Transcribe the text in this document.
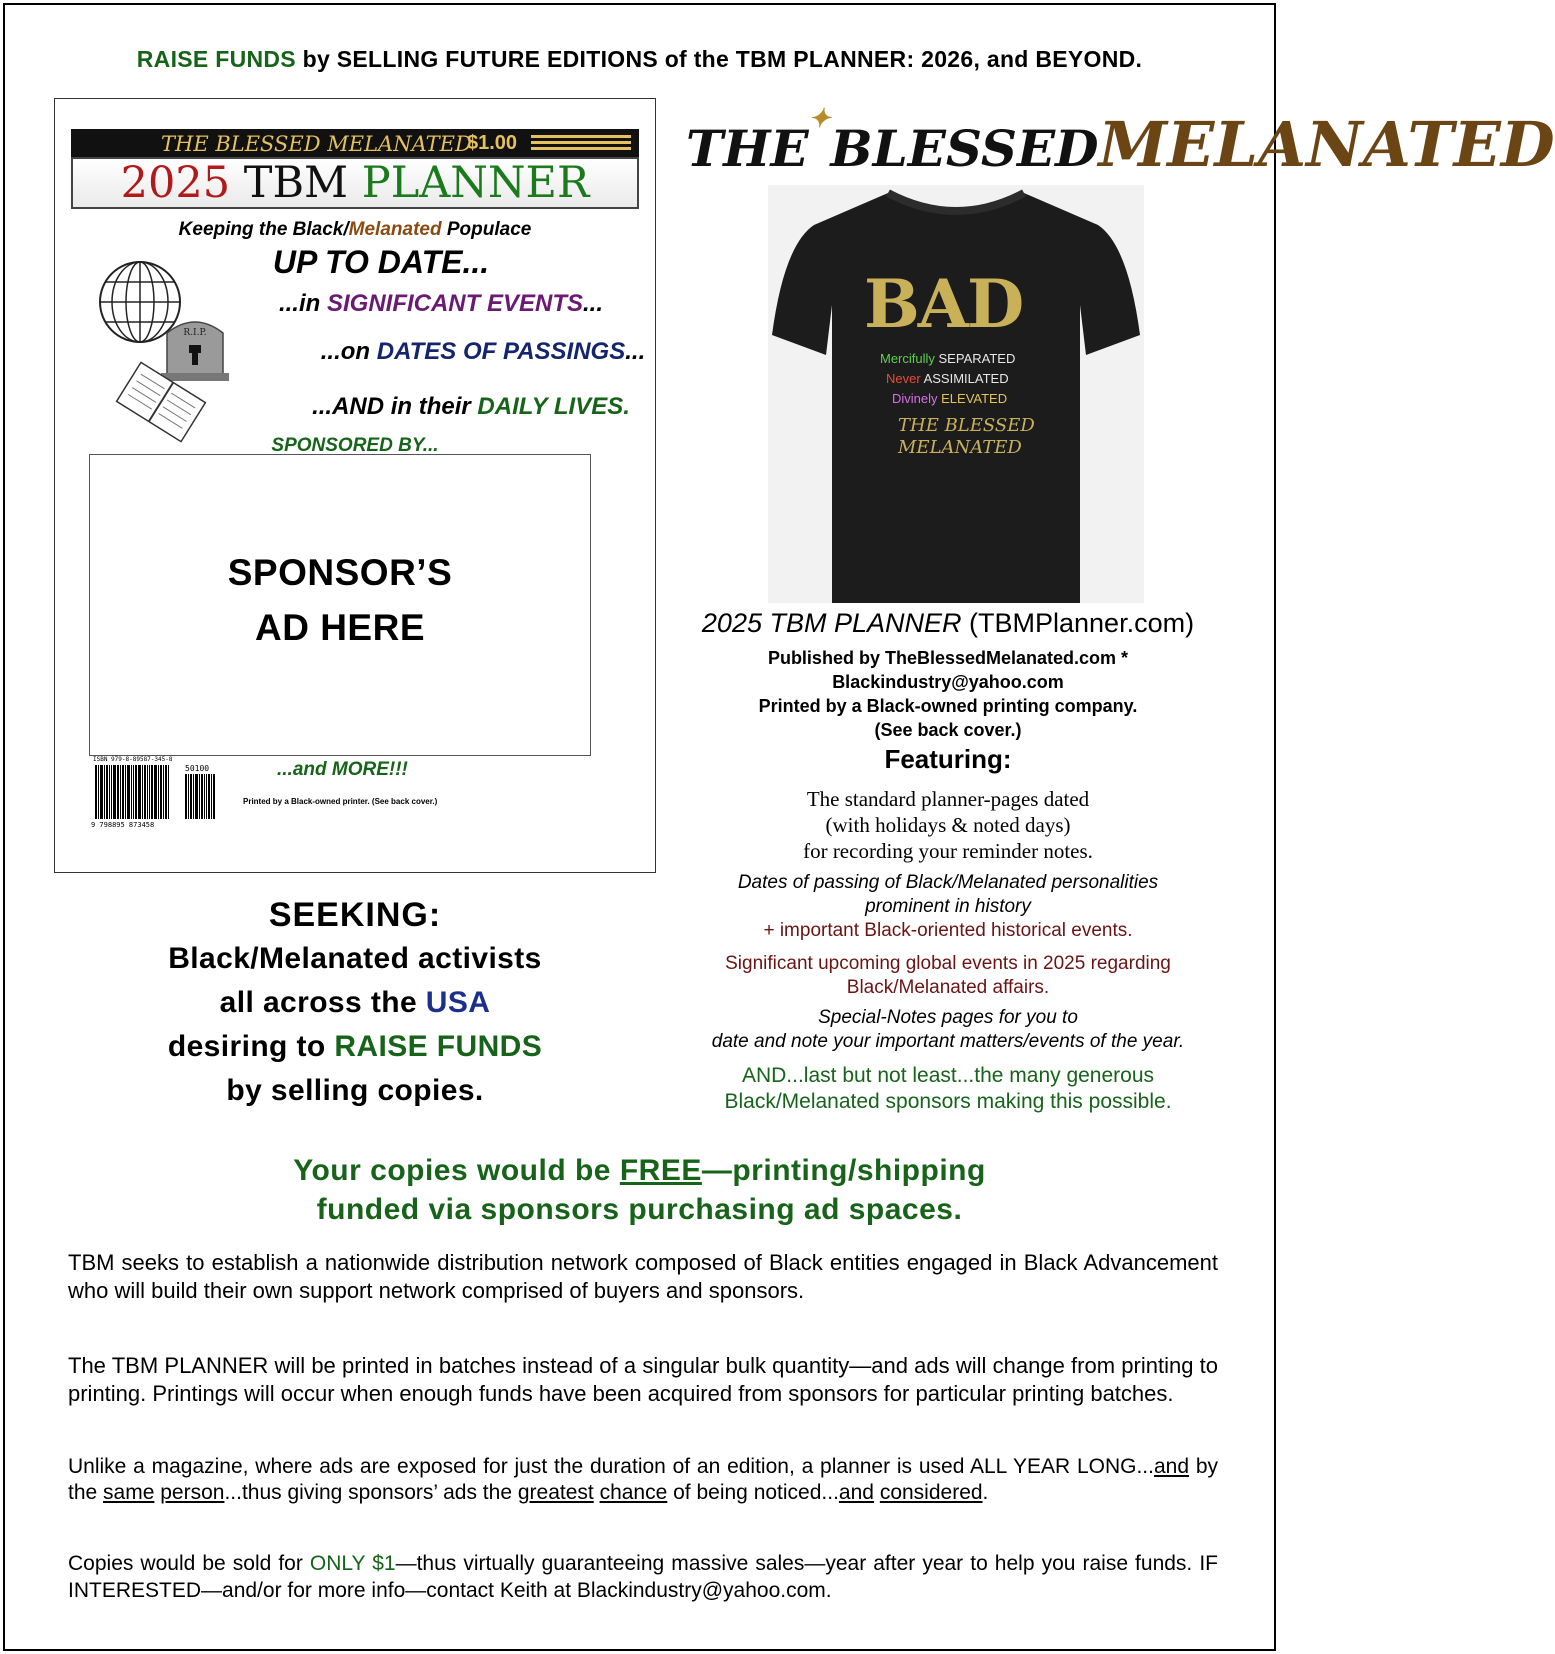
RAISE FUNDS by SELLING FUTURE EDITIONS of the TBM PLANNER: 2026, and BEYOND.
THE BLESSED MELANATED
$1.00
2025 TBM PLANNER
Keeping the Black/Melanated Populace
UP TO DATE...
...in SIGNIFICANT EVENTS...
R.I.P.
...on DATES OF PASSINGS...
...AND in their DAILY LIVES.
SPONSORED BY...
SPONSOR’S
AD HERE
ISBN 979-8-89587-345-8
50100
9 798895 873458
...and MORE!!!
Printed by a Black-owned printer. (See back cover.)
SEEKING:
Black/Melanated activists
all across the USA
desiring to RAISE FUNDS
by selling copies.
THE✦BLESSEDMELANATED
BAD
Mercifully SEPARATED
Never ASSIMILATED
Divinely ELEVATED
THE BLESSED
MELANATED
2025 TBM PLANNER (TBMPlanner.com)
Published by TheBlessedMelanated.com *
Blackindustry@yahoo.com
Printed by a Black-owned printing company.
(See back cover.)
Featuring:
The standard planner-pages dated
(with holidays & noted days)
for recording your reminder notes.
Dates of passing of Black/Melanated personalities
prominent in history
+ important Black-oriented historical events.
Significant upcoming global events in 2025 regarding
Black/Melanated affairs.
Special-Notes pages for you to
date and note your important matters/events of the year.
AND...last but not least...the many generous
Black/Melanated sponsors making this possible.
Your copies would be FREE—printing/shipping
funded via sponsors purchasing ad spaces.
TBM seeks to establish a nationwide distribution network composed of Black entities engaged in Black Advancement who will build their own support network comprised of buyers and sponsors.
The TBM PLANNER will be printed in batches instead of a singular bulk quantity—and ads will change from printing to printing. Printings will occur when enough funds have been acquired from sponsors for particular printing batches.
Unlike a magazine, where ads are exposed for just the duration of an edition, a planner is used ALL YEAR LONG...and by the same person...thus giving sponsors’ ads the greatest chance of being noticed...and considered.
Copies would be sold for ONLY $1—thus virtually guaranteeing massive sales—year after year to help you raise funds. IF INTERESTED—and/or for more info—contact Keith at Blackindustry@yahoo.com.
